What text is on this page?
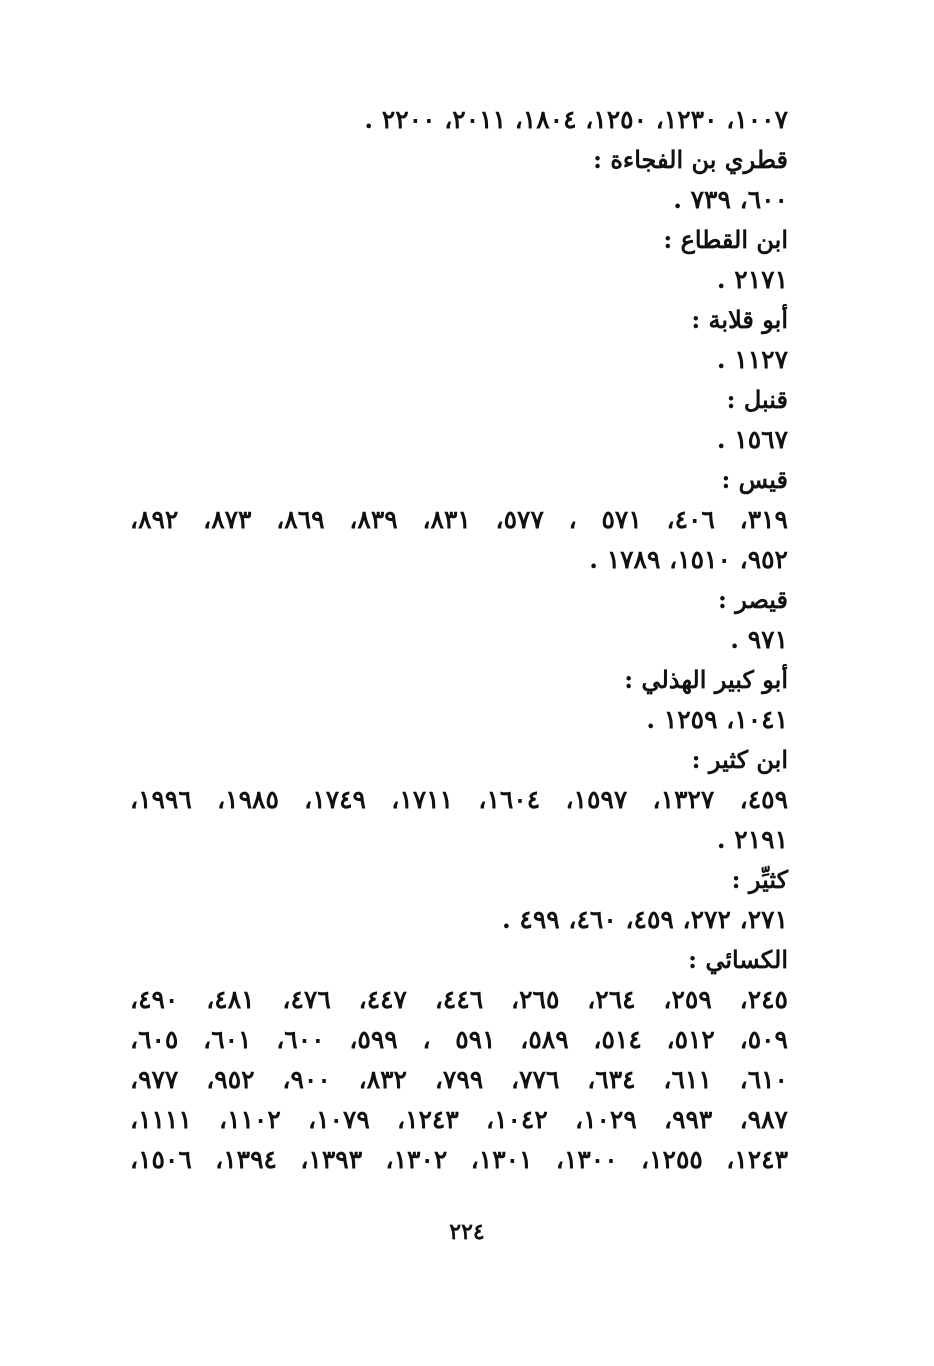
١٠٠٧، ١٢٣٠، ١٢٥٠، ١٨٠٤، ٢٠١١، ٢٢٠٠ .
قطري بن الفجاءة :
٦٠٠، ٧٣٩ .
ابن القطاع :
٢١٧١ .
أبو قلابة :
١١٢٧ .
قنبل :
١٥٦٧ .
قيس :
٣١٩، ٤٠٦، ٥٧١ ، ٥٧٧، ٨٣١، ٨٣٩، ٨٦٩، ٨٧٣، ٨٩٢،
٩٥٢، ١٥١٠، ١٧٨٩ .
قيصر :
٩٧١ .
أبو كبير الهذلي :
١٠٤١، ١٢٥٩ .
ابن كثير :
٤٥٩، ١٣٢٧، ١٥٩٧، ١٦٠٤، ١٧١١، ١٧٤٩، ١٩٨٥، ١٩٩٦،
٢١٩١ .
كثيِّر :
٢٧١، ٢٧٢، ٤٥٩، ٤٦٠، ٤٩٩ .
الكسائي :
٢٤٥، ٢٥٩، ٢٦٤، ٢٦٥، ٤٤٦، ٤٤٧، ٤٧٦، ٤٨١، ٤٩٠،
٥٠٩، ٥١٢، ٥١٤، ٥٨٩، ٥٩١ ، ٥٩٩، ٦٠٠، ٦٠١، ٦٠٥،
٦١٠، ٦١١، ٦٣٤، ٧٧٦، ٧٩٩، ٨٣٢، ٩٠٠، ٩٥٢، ٩٧٧،
٩٨٧، ٩٩٣، ١٠٢٩، ١٠٤٢، ١٢٤٣، ١٠٧٩، ١١٠٢، ١١١١،
١٢٤٣، ١٢٥٥، ١٣٠٠، ١٣٠١، ١٣٠٢، ١٣٩٣، ١٣٩٤، ١٥٠٦،
٢٢٤
